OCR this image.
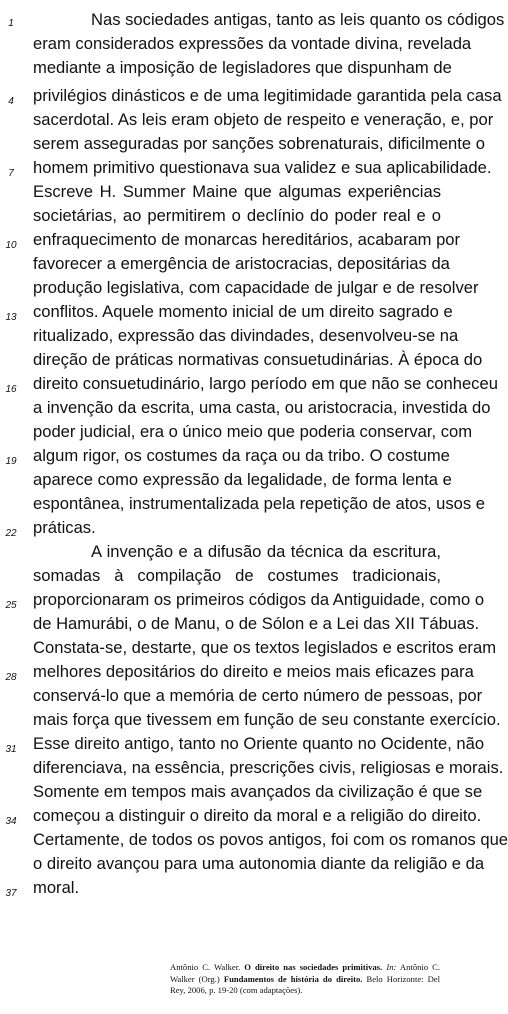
1
4
7
10
13
16
19
22
25
28
31
34
37
Nas sociedades antigas, tanto as leis quanto os códigos
eram considerados expressões da vontade divina, revelada
mediante a imposição de legisladores que dispunham de
privilégios dinásticos e de uma legitimidade garantida pela casa
sacerdotal. As leis eram objeto de respeito e veneração, e, por
serem asseguradas por sanções sobrenaturais, dificilmente o
homem primitivo questionava sua validez e sua aplicabilidade.
Escreve H. Summer Maine que algumas experiências
societárias, ao permitirem o declínio do poder real e o
enfraquecimento de monarcas hereditários, acabaram por
favorecer a emergência de aristocracias, depositárias da
produção legislativa, com capacidade de julgar e de resolver
conflitos. Aquele momento inicial de um direito sagrado e
ritualizado, expressão das divindades, desenvolveu-se na
direção de práticas normativas consuetudinárias. À época do
direito consuetudinário, largo período em que não se conheceu
a invenção da escrita, uma casta, ou aristocracia, investida do
poder judicial, era o único meio que poderia conservar, com
algum rigor, os costumes da raça ou da tribo. O costume
aparece como expressão da legalidade, de forma lenta e
espontânea, instrumentalizada pela repetição de atos, usos e
práticas.
A invenção e a difusão da técnica da escritura,
somadas à compilação de costumes tradicionais,
proporcionaram os primeiros códigos da Antiguidade, como o
de Hamurábi, o de Manu, o de Sólon e a Lei das XII Tábuas.
Constata-se, destarte, que os textos legislados e escritos eram
melhores depositários do direito e meios mais eficazes para
conservá-lo que a memória de certo número de pessoas, por
mais força que tivessem em função de seu constante exercício.
Esse direito antigo, tanto no Oriente quanto no Ocidente, não
diferenciava, na essência, prescrições civis, religiosas e morais.
Somente em tempos mais avançados da civilização é que se
começou a distinguir o direito da moral e a religião do direito.
Certamente, de todos os povos antigos, foi com os romanos que
o direito avançou para uma autonomia diante da religião e da
moral.
Antônio C. Walker. O direito nas sociedades primitivas. In: Antônio C. Walker (Org.) Fundamentos de história do direito. Belo Horizonte: Del Rey, 2006, p. 19-20 (com adaptações).
